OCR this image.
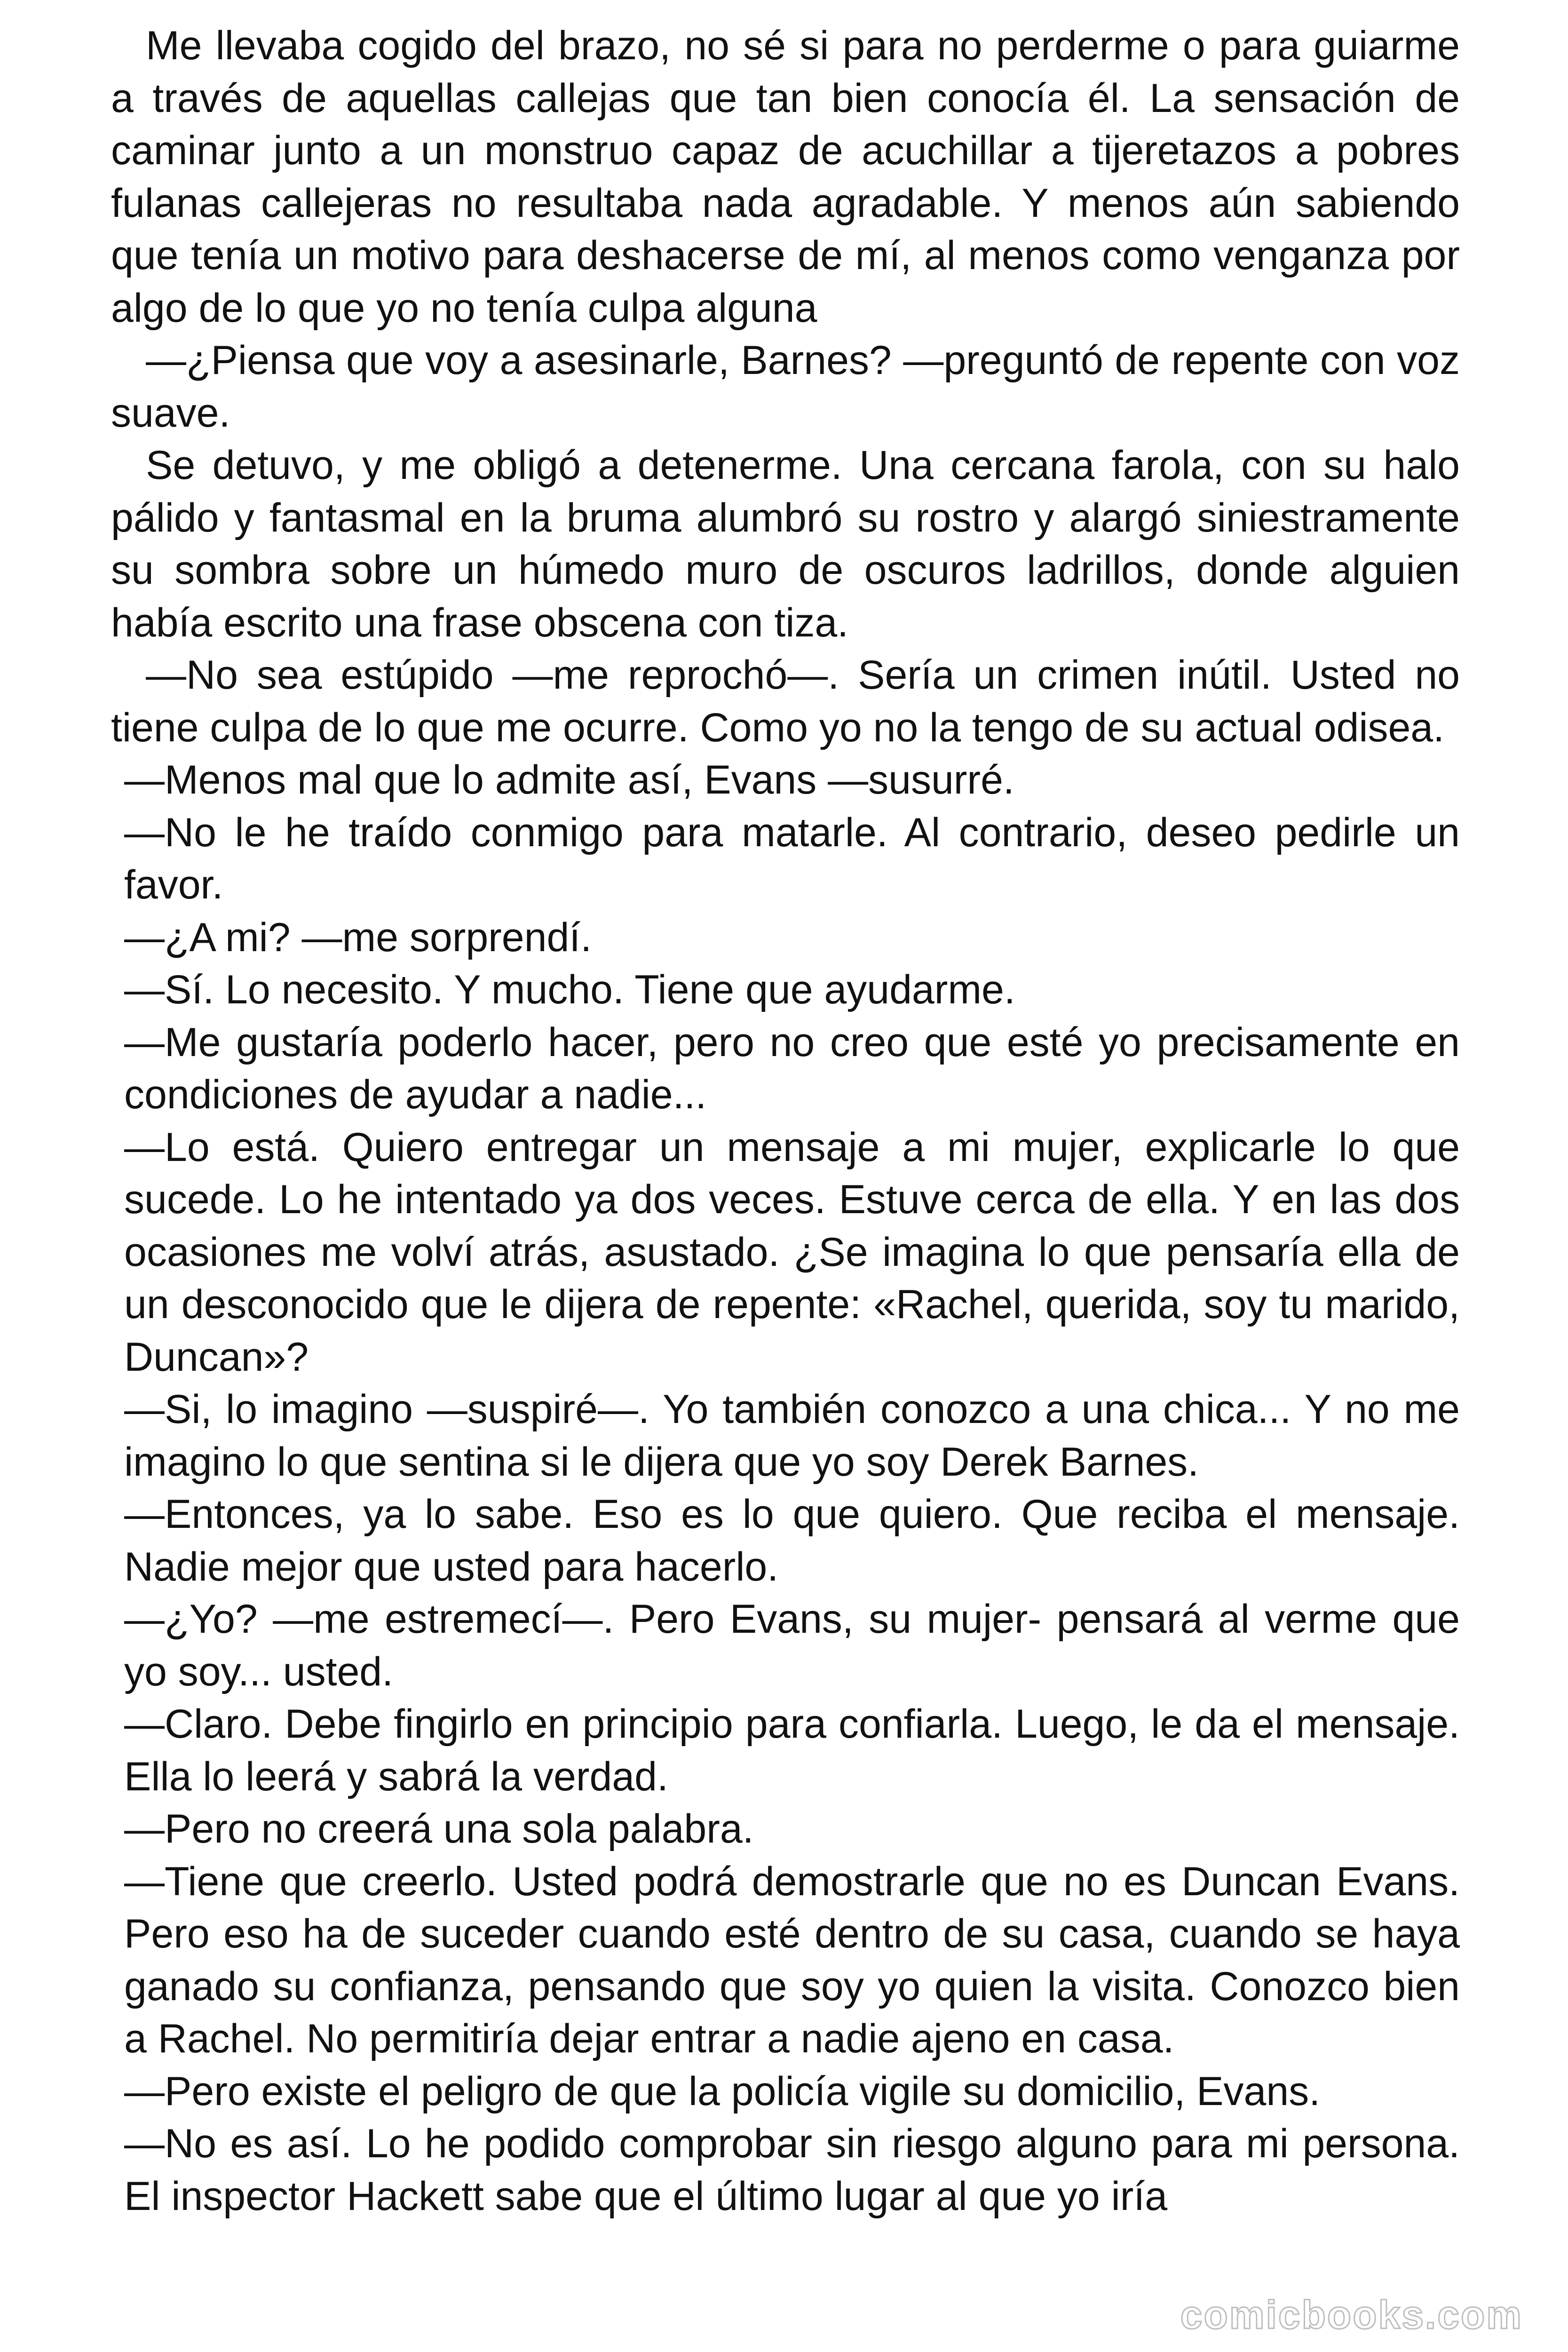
Me llevaba cogido del brazo, no sé si para no perderme o para guiarme a través de aquellas callejas que tan bien conocía él. La sensación de caminar junto a un monstruo capaz de acuchillar a tijeretazos a pobres fulanas callejeras no resultaba nada agradable. Y menos aún sabiendo que tenía un motivo para deshacerse de mí, al menos como venganza por algo de lo que yo no tenía culpa alguna

—¿Piensa que voy a asesinarle, Barnes? —preguntó de repente con voz suave.

Se detuvo, y me obligó a detenerme. Una cercana farola, con su halo pálido y fantasmal en la bruma alumbró su rostro y alargó siniestramente su sombra sobre un húmedo muro de oscuros ladrillos, donde alguien había escrito una frase obscena con tiza.

—No sea estúpido —me reprochó—. Sería un crimen inútil. Usted no tiene culpa de lo que me ocurre. Como yo no la tengo de su actual odisea.

—Menos mal que lo admite así, Evans —susurré.

—No le he traído conmigo para matarle. Al contrario, deseo pedirle un favor.

—¿A mi? —me sorprendí.

—Sí. Lo necesito. Y mucho. Tiene que ayudarme.

—Me gustaría poderlo hacer, pero no creo que esté yo precisamente en condiciones de ayudar a nadie...

—Lo está. Quiero entregar un mensaje a mi mujer, explicarle lo que sucede. Lo he intentado ya dos veces. Estuve cerca de ella. Y en las dos ocasiones me volví atrás, asustado. ¿Se imagina lo que pensaría ella de un desconocido que le dijera de repente: «Rachel, querida, soy tu marido, Duncan»?

—Si, lo imagino —suspiré—. Yo también conozco a una chica... Y no me imagino lo que sentina si le dijera que yo soy Derek Barnes.

—Entonces, ya lo sabe. Eso es lo que quiero. Que reciba el mensaje. Nadie mejor que usted para hacerlo.

—¿Yo? —me estremecí—. Pero Evans, su mujer- pensará al verme que yo soy... usted.

—Claro. Debe fingirlo en principio para confiarla. Luego, le da el mensaje. Ella lo leerá y sabrá la verdad.

—Pero no creerá una sola palabra.

—Tiene que creerlo. Usted podrá demostrarle que no es Duncan Evans. Pero eso ha de suceder cuando esté dentro de su casa, cuando se haya ganado su confianza, pensando que soy yo quien la visita. Conozco bien a Rachel. No permitiría dejar entrar a nadie ajeno en casa.

—Pero existe el peligro de que la policía vigile su domicilio, Evans.

—No es así. Lo he podido comprobar sin riesgo alguno para mi persona. El inspector Hackett sabe que el último lugar al que yo iría

comicbooks.com
